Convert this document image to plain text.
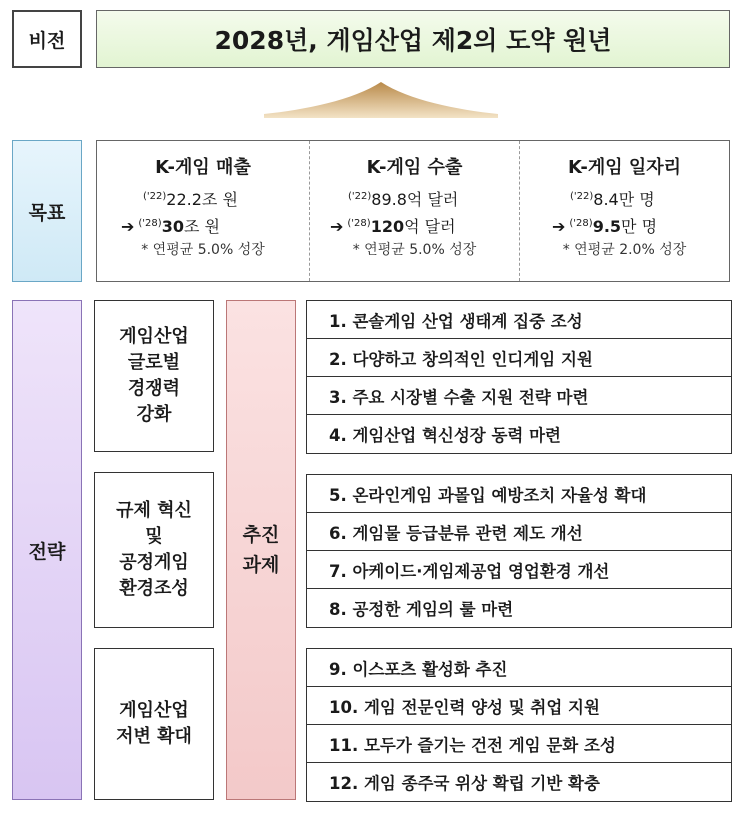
비전	2028년, 게임산업 제2의 도약 원년
목표
K-게임 매출
$^{('22)}$22.2조 원
➔ $^{('28)}$30조 원
* 연평균 5.0% 성장
K-게임 수출
$^{('22)}$89.8억 달러
➔ $^{('28)}$120억 달러
* 연평균 5.0% 성장
K-게임 일자리
$^{('22)}$8.4만 명
➔ $^{('28)}$9.5만 명
* 연평균 2.0% 성장
전략
게임산업
글로벌
경쟁력
강화
규제 혁신
및
공정게임
환경조성
게임산업
저변 확대
추진
과제
1. 콘솔게임 산업 생태계 집중 조성
2. 다양하고 창의적인 인디게임 지원
3. 주요 시장별 수출 지원 전략 마련
4. 게임산업 혁신성장 동력 마련
5. 온라인게임 과몰입 예방조치 자율성 확대
6. 게임물 등급분류 관련 제도 개선
7. 아케이드·게임제공업 영업환경 개선
8. 공정한 게임의 룰 마련
9. 이스포츠 활성화 추진
10. 게임 전문인력 양성 및 취업 지원
11. 모두가 즐기는 건전 게임 문화 조성
12. 게임 종주국 위상 확립 기반 확충
